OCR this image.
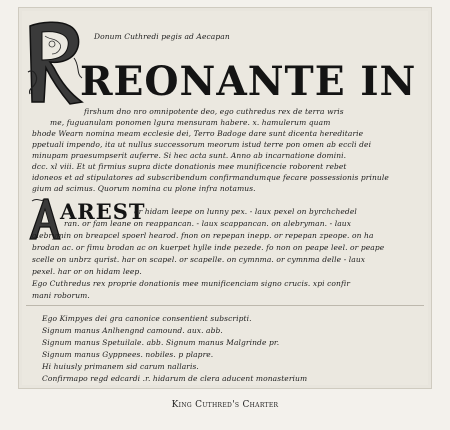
Donum Cuthredi pegis ad Aecapan
REONANTE IN
firshum dno nro omnipotente deo, ego cuthredus rex de terra wris
me, fuguanulam ponomen lgura mensuram habere. x. hamulerum quam
bhode Wearn nomina meam ecclesie dei, Terro Badoge dare sunt dicenta hereditarie
ppetuali impendo, ita ut nullus successorum meorum istud terre pon omen ab eccli dei
minupam praesumpserit auferre. Si hec acta sunt. Anno ab incarnatione domini.
dcc. xl viii. Et ut firmius supra dicte donationis mee munificencie roborent rebet
idoneos et ad stipulatores ad subscribendum confirmandumque fecare possessionis prinule
gium ad scimus. Quorum nomina cu plone infra notamus.
AREST
or hidam leepe on lunny pex. - laux pexel on byrchchedel
ran. or fam leane on reappancan. - laux scappancan. on alebryman. - laux
alebrymin on breapcel spoerl hearod. fnon on repepan inepp. or repepan zpeope. on ha
brodan ac. or fimu brodan ac on kuerpet hylle inde pezede. fo non on peape leel. or peape
scelle on unbrz qurist. har on scapel. or scapelle. on cymnma. or cymnma delle - laux
pexel. har or on hidam leep.
Ego Cuthredus rex proprie donationis mee munificenciam signo crucis. xpi confir
mani roborum.
Ego Kimpyes dei gra canonice consentient subscripti.
Signum manus Anlhengnd camound. aux. abb.
Signum manus Spetuilale. abb. Signum manus Malgrinde pr.
Signum manus Gyppnees. nobiles. p plapre.
Hi huiusly primanem sid carum nallaris.
Confirmapo regd edcardi .r. hidarum de clera aducent monasterium
King Cuthred's Charter
